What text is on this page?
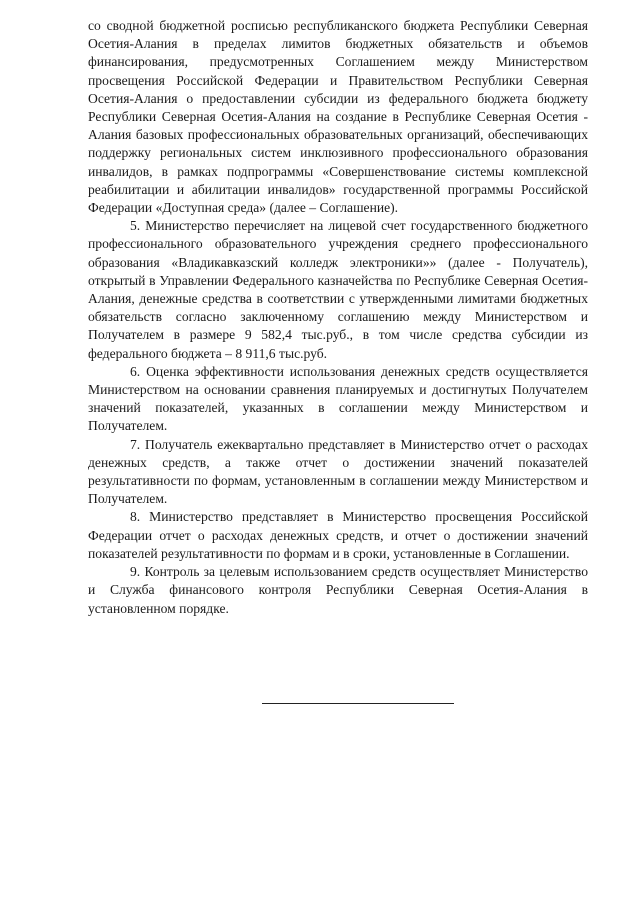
со сводной бюджетной росписью республиканского бюджета Республики Северная Осетия-Алания в пределах лимитов бюджетных обязательств и объемов финансирования, предусмотренных Соглашением между Министерством просвещения Российской Федерации и Правительством Республики Северная Осетия-Алания о предоставлении субсидии из федерального бюджета бюджету Республики Северная Осетия-Алания на создание в Республике Северная Осетия - Алания базовых профессиональных образовательных организаций, обеспечивающих поддержку региональных систем инклюзивного профессионального образования инвалидов, в рамках подпрограммы «Совершенствование системы комплексной реабилитации и абилитации инвалидов» государственной программы Российской Федерации «Доступная среда» (далее – Соглашение).

5. Министерство перечисляет на лицевой счет государственного бюджетного профессионального образовательного учреждения среднего профессионального образования «Владикавказский колледж электроники»» (далее - Получатель), открытый в Управлении Федерального казначейства по Республике Северная Осетия-Алания, денежные средства в соответствии с утвержденными лимитами бюджетных обязательств согласно заключенному соглашению между Министерством и Получателем в размере 9 582,4 тыс.руб., в том числе средства субсидии из федерального бюджета – 8 911,6 тыс.руб.

6. Оценка эффективности использования денежных средств осуществляется Министерством на основании сравнения планируемых и достигнутых Получателем значений показателей, указанных в соглашении между Министерством и Получателем.

7. Получатель ежеквартально представляет в Министерство отчет о расходах денежных средств, а также отчет о достижении значений показателей результативности по формам, установленным в соглашении между Министерством и Получателем.

8. Министерство представляет в Министерство просвещения Российской Федерации отчет о расходах денежных средств, и отчет о достижении значений показателей результативности по формам и в сроки, установленные в Соглашении.

9. Контроль за целевым использованием средств осуществляет Министерство и Служба финансового контроля Республики Северная Осетия-Алания в установленном порядке.
